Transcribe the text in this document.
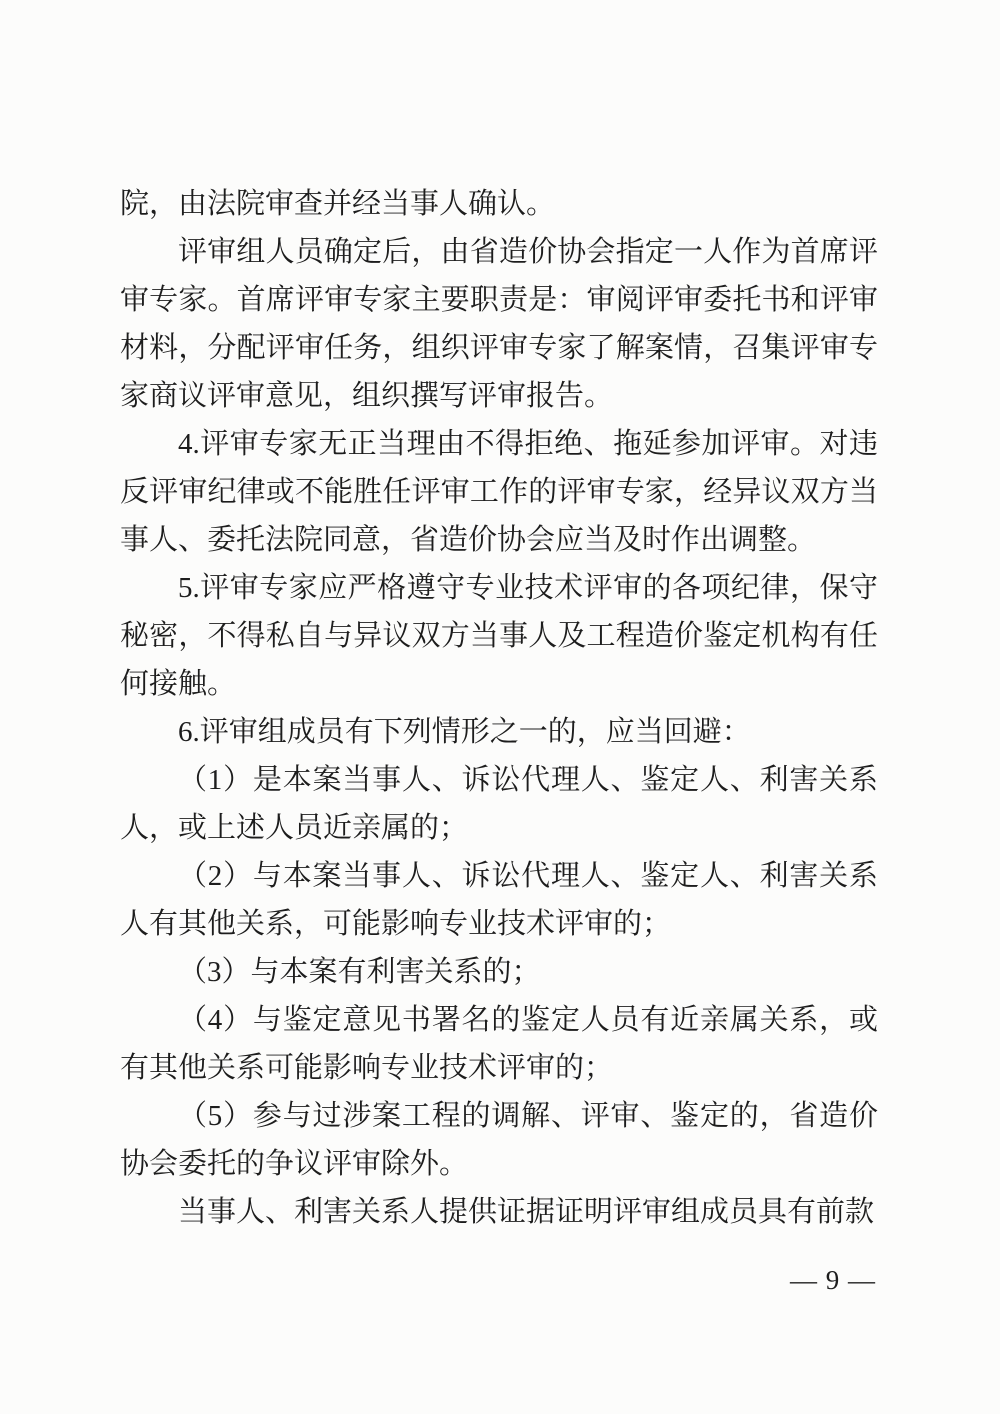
院，由法院审查并经当事人确认。

评审组人员确定后，由省造价协会指定一人作为首席评审专家。首席评审专家主要职责是：审阅评审委托书和评审材料，分配评审任务，组织评审专家了解案情，召集评审专家商议评审意见，组织撰写评审报告。

4.评审专家无正当理由不得拒绝、拖延参加评审。对违反评审纪律或不能胜任评审工作的评审专家，经异议双方当事人、委托法院同意，省造价协会应当及时作出调整。

5.评审专家应严格遵守专业技术评审的各项纪律，保守秘密，不得私自与异议双方当事人及工程造价鉴定机构有任何接触。

6.评审组成员有下列情形之一的，应当回避：

（1）是本案当事人、诉讼代理人、鉴定人、利害关系人，或上述人员近亲属的；

（2）与本案当事人、诉讼代理人、鉴定人、利害关系人有其他关系，可能影响专业技术评审的；

（3）与本案有利害关系的；

（4）与鉴定意见书署名的鉴定人员有近亲属关系，或有其他关系可能影响专业技术评审的；

（5）参与过涉案工程的调解、评审、鉴定的，省造价协会委托的争议评审除外。

当事人、利害关系人提供证据证明评审组成员具有前款

— 9 —
